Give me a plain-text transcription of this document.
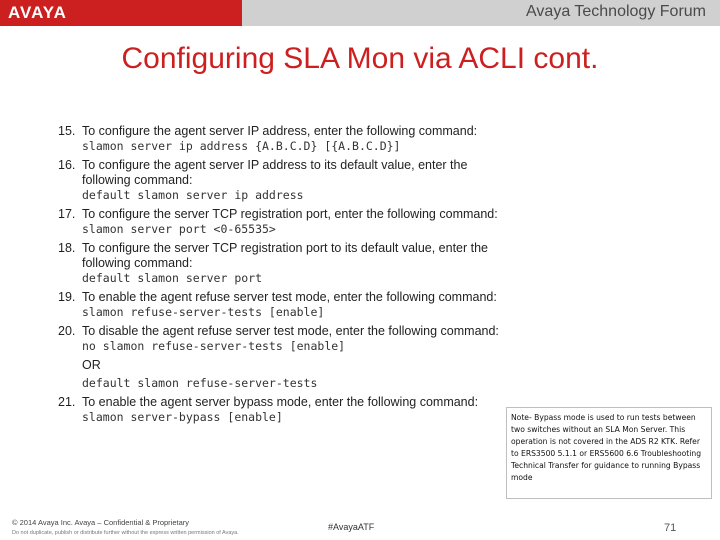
AVAYA	Avaya Technology Forum
Configuring SLA Mon via ACLI cont.
15. To configure the agent server IP address, enter the following command:
slamon server ip address {A.B.C.D} [{A.B.C.D}]
16. To configure the agent server IP address to its default value, enter the following command:
default slamon server ip address
17. To configure the server TCP registration port, enter the following command:
slamon server port <0-65535>
18. To configure the server TCP registration port to its default value, enter the following command:
default slamon server port
19. To enable the agent refuse server test mode, enter the following command:
slamon refuse-server-tests [enable]
20. To disable the agent refuse server test mode, enter the following command:
no slamon refuse-server-tests [enable]
OR
default slamon refuse-server-tests
21. To enable the agent server bypass mode, enter the following command:
slamon server-bypass [enable]	Note- Bypass mode is used to run tests between two switches without an SLA Mon Server. This operation is not covered in the ADS R2 KTK. Refer to ERS3500 5.1.1 or ERS5600 6.6 Troubleshooting Technical Transfer for guidance to running Bypass mode
© 2014 Avaya Inc. Avaya – Confidential & Proprietary
Do not duplicate, publish or distribute further without the express written permission of Avaya.
#AvayaATF	71
